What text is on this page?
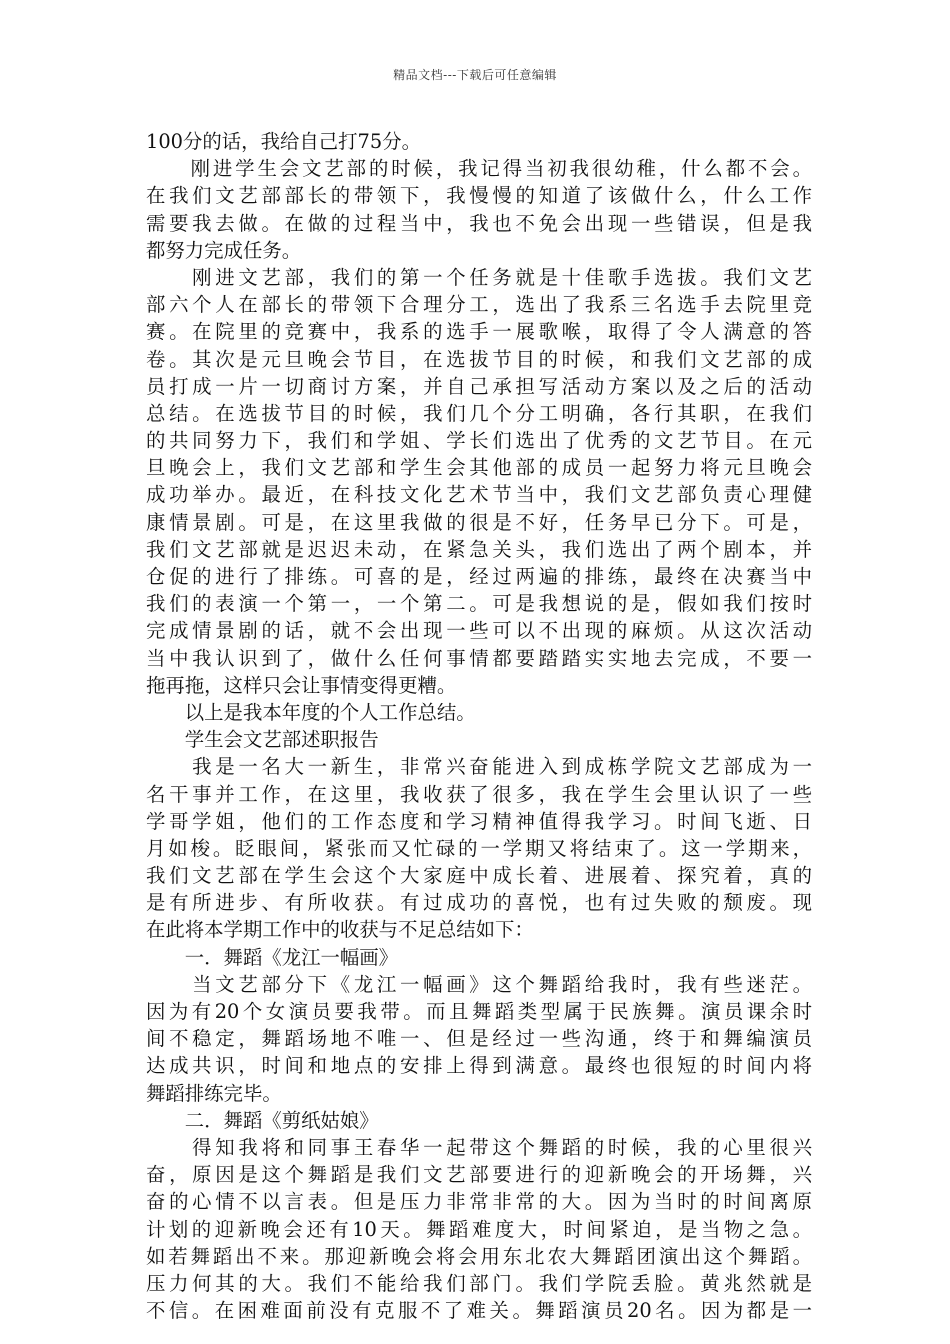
精品文档---下载后可任意编辑
100分的话，我给自己打75分。
　　刚进学生会文艺部的时候，我记得当初我很幼稚，什么都不会。
在我们文艺部部长的带领下，我慢慢的知道了该做什么，什么工作
需要我去做。在做的过程当中，我也不免会出现一些错误，但是我
都努力完成任务。
　　刚进文艺部，我们的第一个任务就是十佳歌手选拔。我们文艺
部六个人在部长的带领下合理分工，选出了我系三名选手去院里竞
赛。在院里的竞赛中，我系的选手一展歌喉，取得了令人满意的答
卷。其次是元旦晚会节目，在选拔节目的时候，和我们文艺部的成
员打成一片一切商讨方案，并自己承担写活动方案以及之后的活动
总结。在选拔节目的时候，我们几个分工明确，各行其职，在我们
的共同努力下，我们和学姐、学长们选出了优秀的文艺节目。在元
旦晚会上，我们文艺部和学生会其他部的成员一起努力将元旦晚会
成功举办。最近，在科技文化艺术节当中，我们文艺部负责心理健
康情景剧。可是，在这里我做的很是不好，任务早已分下。可是，
我们文艺部就是迟迟未动，在紧急关头，我们选出了两个剧本，并
仓促的进行了排练。可喜的是，经过两遍的排练，最终在决赛当中
我们的表演一个第一，一个第二。可是我想说的是，假如我们按时
完成情景剧的话，就不会出现一些可以不出现的麻烦。从这次活动
当中我认识到了，做什么任何事情都要踏踏实实地去完成，不要一
拖再拖，这样只会让事情变得更糟。
　　以上是我本年度的个人工作总结。
　　学生会文艺部述职报告
　　我是一名大一新生，非常兴奋能进入到成栋学院文艺部成为一
名干事并工作，在这里，我收获了很多，我在学生会里认识了一些
学哥学姐，他们的工作态度和学习精神值得我学习。时间飞逝、日
月如梭。眨眼间，紧张而又忙碌的一学期又将结束了。这一学期来，
我们文艺部在学生会这个大家庭中成长着、进展着、探究着，真的
是有所进步、有所收获。有过成功的喜悦，也有过失败的颓废。现
在此将本学期工作中的收获与不足总结如下：
　　一．舞蹈《龙江一幅画》
　　当文艺部分下《龙江一幅画》这个舞蹈给我时，我有些迷茫。
因为有20个女演员要我带。而且舞蹈类型属于民族舞。演员课余时
间不稳定，舞蹈场地不唯一、但是经过一些沟通，终于和舞编演员
达成共识，时间和地点的安排上得到满意。最终也很短的时间内将
舞蹈排练完毕。
　　二．舞蹈《剪纸姑娘》
　　得知我将和同事王春华一起带这个舞蹈的时候，我的心里很兴
奋，原因是这个舞蹈是我们文艺部要进行的迎新晚会的开场舞，兴
奋的心情不以言表。但是压力非常非常的大。因为当时的时间离原
计划的迎新晚会还有10天。舞蹈难度大，时间紧迫，是当物之急。
如若舞蹈出不来。那迎新晚会将会用东北农大舞蹈团演出这个舞蹈。
压力何其的大。我们不能给我们部门。我们学院丢脸。黄兆然就是
不信。在困难面前没有克服不了难关。舞蹈演员20名。因为都是一
